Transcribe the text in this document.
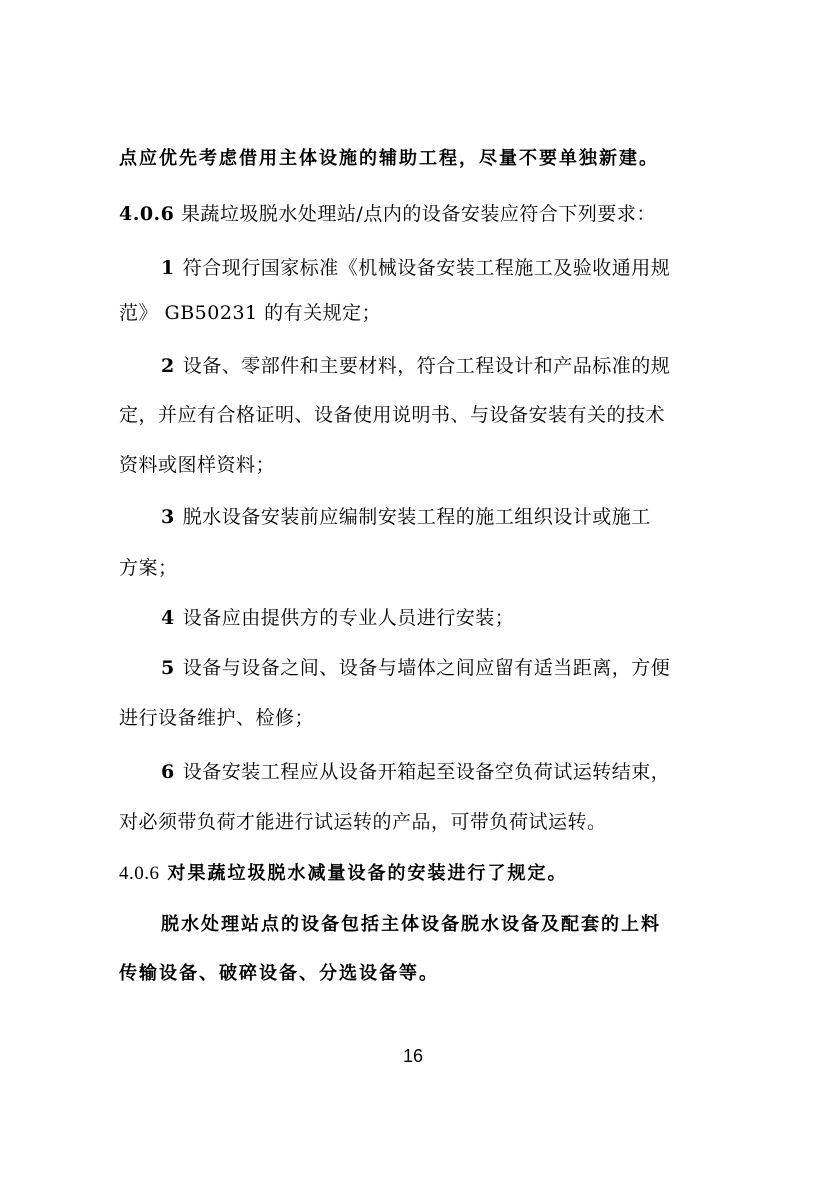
点应优先考虑借用主体设施的辅助工程，尽量不要单独新建。
4.0.6 果蔬垃圾脱水处理站/点内的设备安装应符合下列要求：
1 符合现行国家标准《机械设备安装工程施工及验收通用规
范》 GB50231 的有关规定；
2 设备、零部件和主要材料，符合工程设计和产品标准的规
定，并应有合格证明、设备使用说明书、与设备安装有关的技术
资料或图样资料；
3 脱水设备安装前应编制安装工程的施工组织设计或施工
方案；
4 设备应由提供方的专业人员进行安装；
5 设备与设备之间、设备与墙体之间应留有适当距离，方便
进行设备维护、检修；
6 设备安装工程应从设备开箱起至设备空负荷试运转结束，
对必须带负荷才能进行试运转的产品，可带负荷试运转。
4.0.6 对果蔬垃圾脱水减量设备的安装进行了规定。
脱水处理站点的设备包括主体设备脱水设备及配套的上料
传输设备、破碎设备、分选设备等。
16
